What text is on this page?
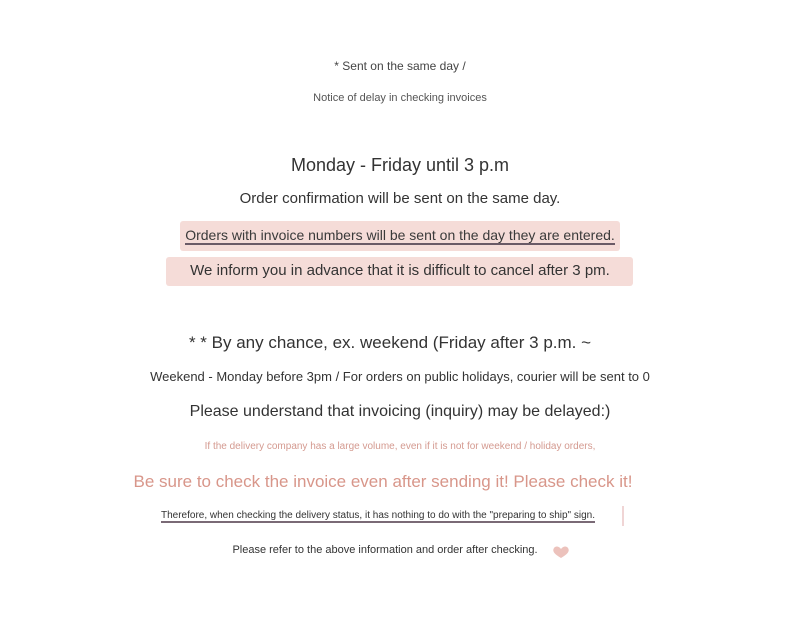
* Sent on the same day /
Notice of delay in checking invoices
Monday - Friday until 3 p.m
Order confirmation will be sent on the same day.
Orders with invoice numbers will be sent on the day they are entered.
We inform you in advance that it is difficult to cancel after 3 pm.
* * By any chance, ex. weekend (Friday after 3 p.m. ~
Weekend - Monday before 3pm / For orders on public holidays, courier will be sent to 0
Please understand that invoicing (inquiry) may be delayed:)
If the delivery company has a large volume, even if it is not for weekend / holiday orders,
Be sure to check the invoice even after sending it! Please check it!
Therefore, when checking the delivery status, it has nothing to do with the "preparing to ship" sign.
Please refer to the above information and order after checking.
